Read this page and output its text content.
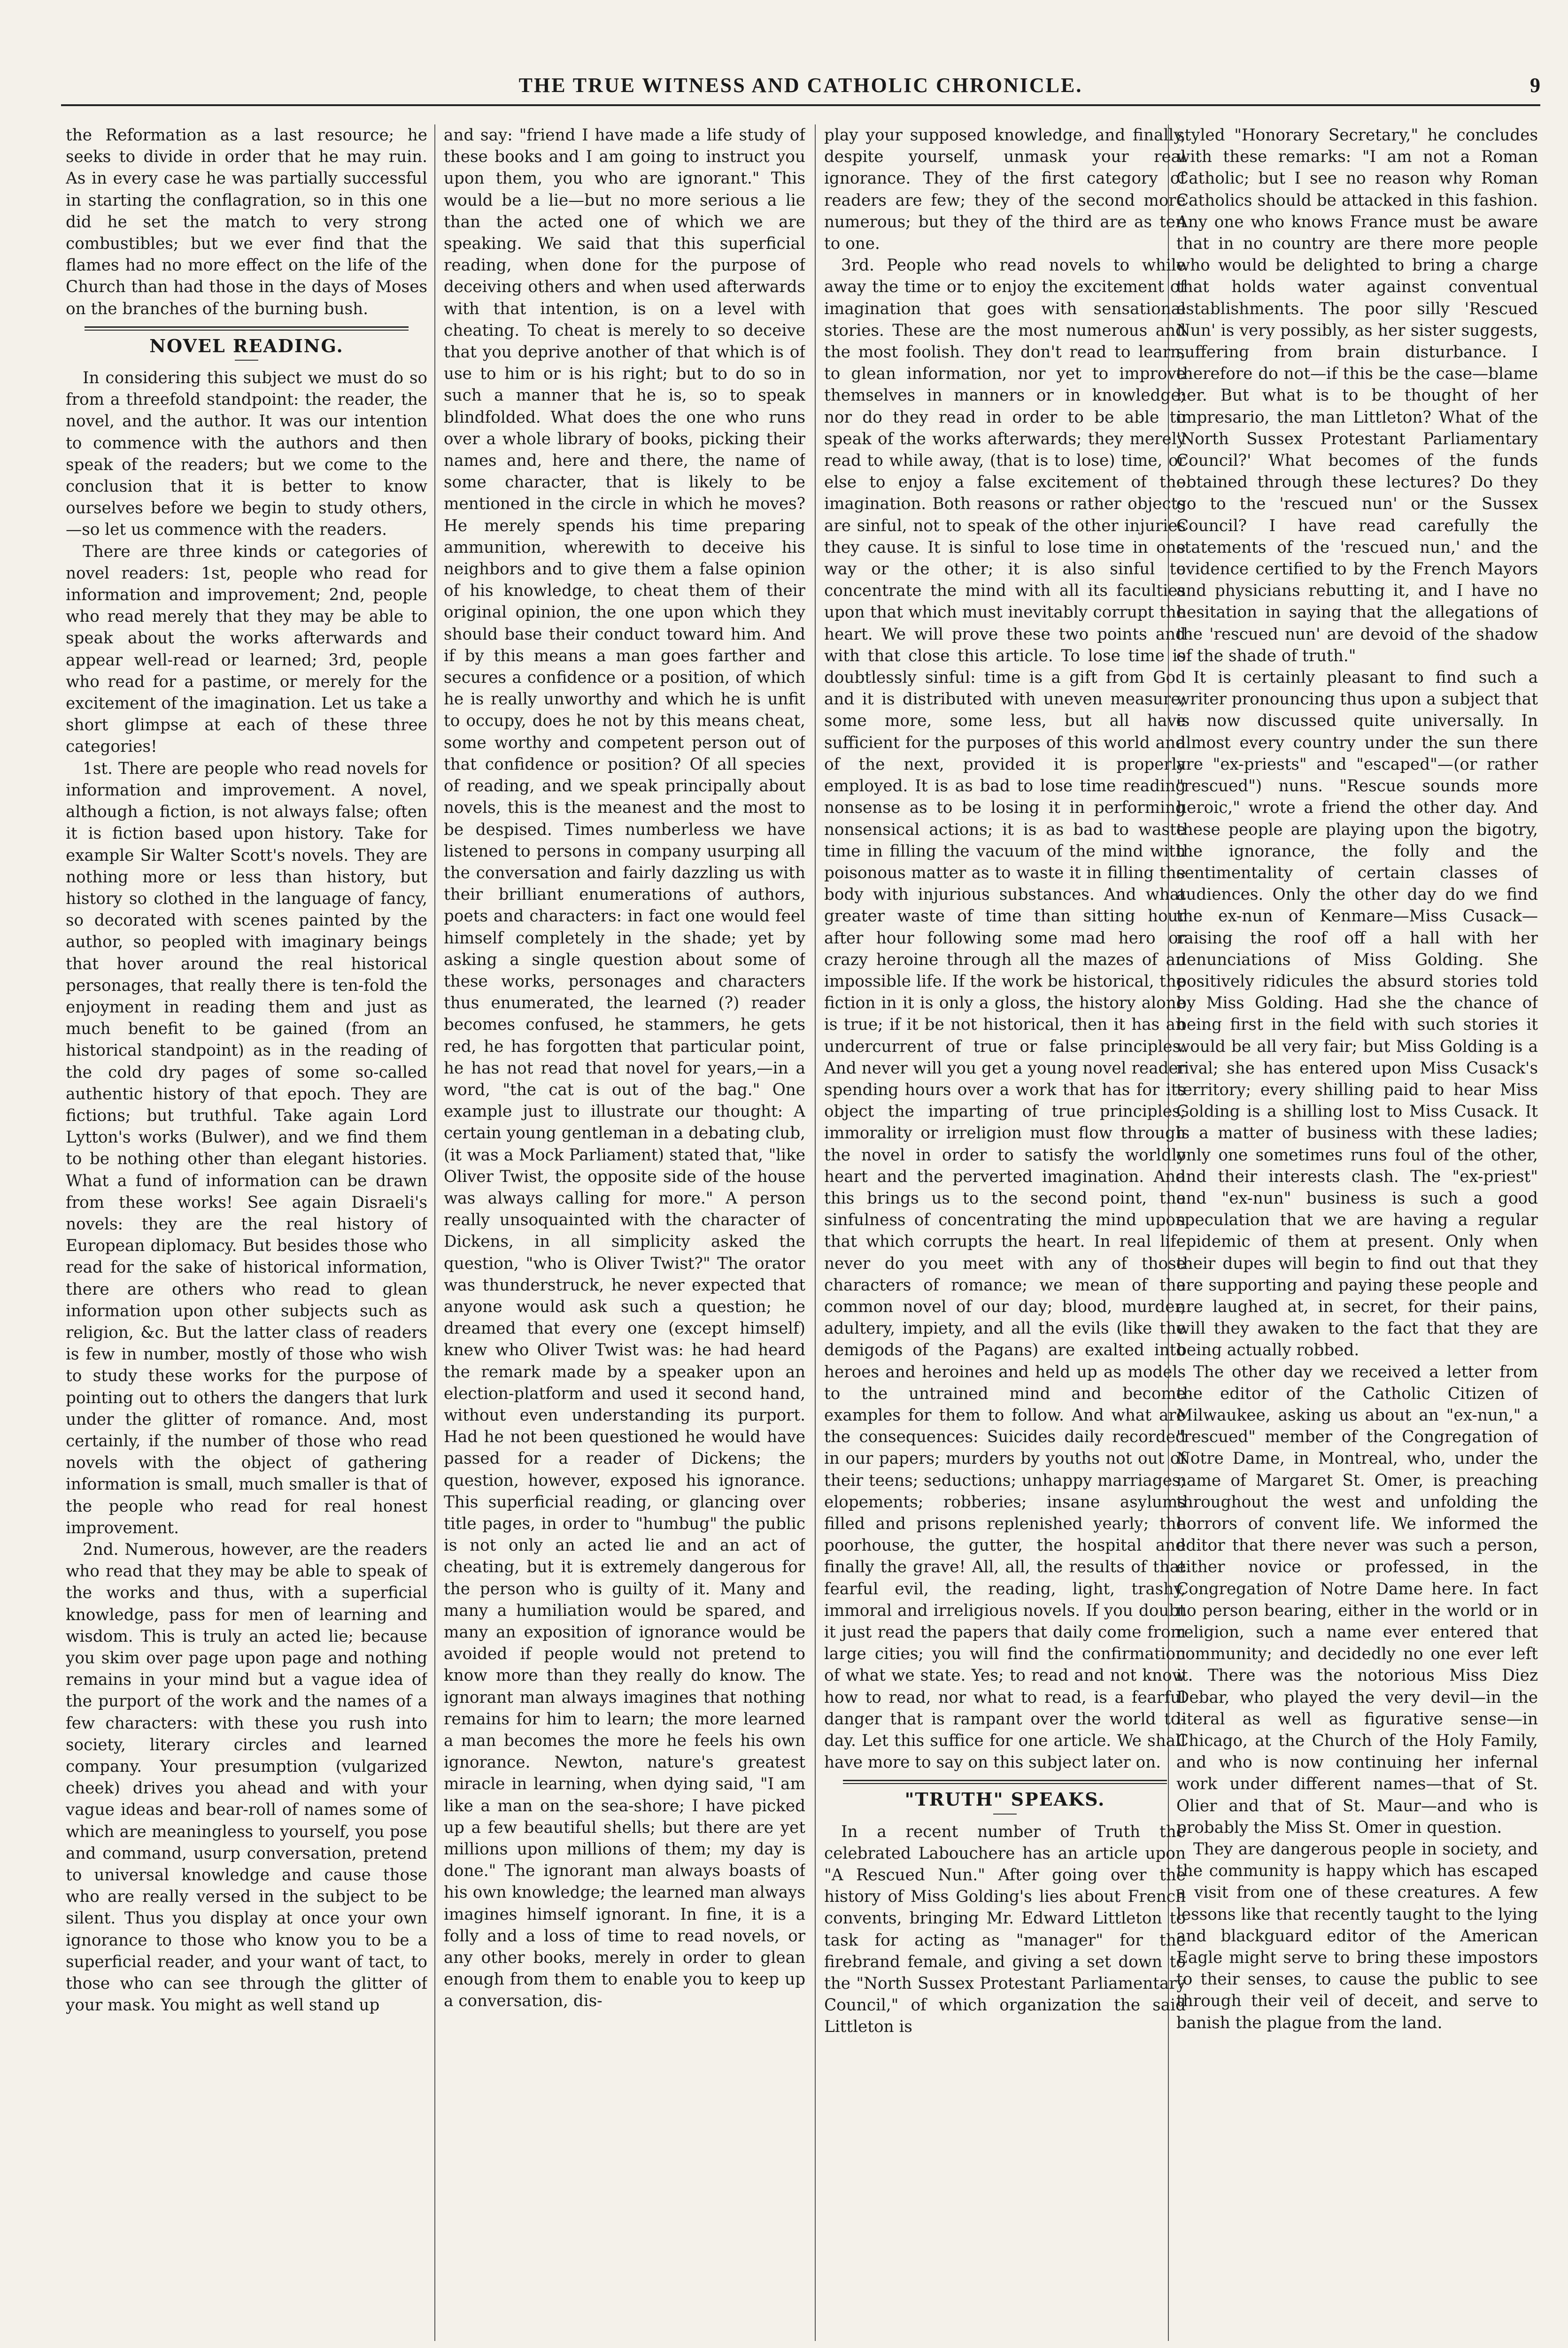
THE TRUE WITNESS AND CATHOLIC CHRONICLE.	9

the Reformation as a last resource; he seeks to divide in order that he may ruin. As in every case he was partially successful in starting the conflagration, so in this one did he set the match to very strong combustibles; but we ever find that the flames had no more effect on the life of the Church than had those in the days of Moses on the branches of the burning bush.

NOVEL READING.

In considering this subject we must do so from a threefold standpoint: the reader, the novel, and the author. It was our intention to commence with the authors and then speak of the readers; but we come to the conclusion that it is better to know ourselves before we begin to study others,—so let us commence with the readers.

There are three kinds or categories of novel readers: 1st, people who read for information and improvement; 2nd, people who read merely that they may be able to speak about the works afterwards and appear well-read or learned; 3rd, people who read for a pastime, or merely for the excitement of the imagination. Let us take a short glimpse at each of these three categories!

1st. There are people who read novels for information and improvement. A novel, although a fiction, is not always false; often it is fiction based upon history. Take for example Sir Walter Scott's novels. They are nothing more or less than history, but history so clothed in the language of fancy, so decorated with scenes painted by the author, so peopled with imaginary beings that hover around the real historical personages, that really there is ten-fold the enjoyment in reading them and just as much benefit to be gained (from an historical standpoint) as in the reading of the cold dry pages of some so-called authentic history of that epoch. They are fictions; but truthful. Take again Lord Lytton's works (Bulwer), and we find them to be nothing other than elegant histories. What a fund of information can be drawn from these works! See again Disraeli's novels: they are the real history of European diplomacy. But besides those who read for the sake of historical information, there are others who read to glean information upon other subjects such as religion, &c. But the latter class of readers is few in number, mostly of those who wish to study these works for the purpose of pointing out to others the dangers that lurk under the glitter of romance. And, most certainly, if the number of those who read novels with the object of gathering information is small, much smaller is that of the people who read for real honest improvement.

2nd. Numerous, however, are the readers who read that they may be able to speak of the works and thus, with a superficial knowledge, pass for men of learning and wisdom. This is truly an acted lie; because you skim over page upon page and nothing remains in your mind but a vague idea of the purport of the work and the names of a few characters: with these you rush into society, literary circles and learned company. Your presumption (vulgarized cheek) drives you ahead and with your vague ideas and bear-roll of names some of which are meaningless to yourself, you pose and command, usurp conversation, pretend to universal knowledge and cause those who are really versed in the subject to be silent. Thus you display at once your own ignorance to those who know you to be a superficial reader, and your want of tact, to those who can see through the glitter of your mask. You might as well stand up

and say: "friend I have made a life study of these books and I am going to instruct you upon them, you who are ignorant." This would be a lie—but no more serious a lie than the acted one of which we are speaking. We said that this superficial reading, when done for the purpose of deceiving others and when used afterwards with that intention, is on a level with cheating. To cheat is merely to so deceive that you deprive another of that which is of use to him or is his right; but to do so in such a manner that he is, so to speak blindfolded. What does the one who runs over a whole library of books, picking their names and, here and there, the name of some character, that is likely to be mentioned in the circle in which he moves? He merely spends his time preparing ammunition, wherewith to deceive his neighbors and to give them a false opinion of his knowledge, to cheat them of their original opinion, the one upon which they should base their conduct toward him. And if by this means a man goes farther and secures a confidence or a position, of which he is really unworthy and which he is unfit to occupy, does he not by this means cheat, some worthy and competent person out of that confidence or position? Of all species of reading, and we speak principally about novels, this is the meanest and the most to be despised. Times numberless we have listened to persons in company usurping all the conversation and fairly dazzling us with their brilliant enumerations of authors, poets and characters: in fact one would feel himself completely in the shade; yet by asking a single question about some of these works, personages and characters thus enumerated, the learned (?) reader becomes confused, he stammers, he gets red, he has forgotten that particular point, he has not read that novel for years,—in a word, "the cat is out of the bag." One example just to illustrate our thought: A certain young gentleman in a debating club, (it was a Mock Parliament) stated that, "like Oliver Twist, the opposite side of the house was always calling for more." A person really unsoquainted with the character of Dickens, in all simplicity asked the question, "who is Oliver Twist?" The orator was thunderstruck, he never expected that anyone would ask such a question; he dreamed that every one (except himself) knew who Oliver Twist was: he had heard the remark made by a speaker upon an election-platform and used it second hand, without even understanding its purport. Had he not been questioned he would have passed for a reader of Dickens; the question, however, exposed his ignorance. This superficial reading, or glancing over title pages, in order to "humbug" the public is not only an acted lie and an act of cheating, but it is extremely dangerous for the person who is guilty of it. Many and many a humiliation would be spared, and many an exposition of ignorance would be avoided if people would not pretend to know more than they really do know. The ignorant man always imagines that nothing remains for him to learn; the more learned a man becomes the more he feels his own ignorance. Newton, nature's greatest miracle in learning, when dying said, "I am like a man on the sea-shore; I have picked up a few beautiful shells; but there are yet millions upon millions of them; my day is done." The ignorant man always boasts of his own knowledge; the learned man always imagines himself ignorant. In fine, it is a folly and a loss of time to read novels, or any other books, merely in order to glean enough from them to enable you to keep up a conversation, dis-

play your supposed knowledge, and finally, despite yourself, unmask your real ignorance. They of the first category of readers are few; they of the second more numerous; but they of the third are as ten to one.

3rd. People who read novels to while away the time or to enjoy the excitement of imagination that goes with sensational stories. These are the most numerous and the most foolish. They don't read to learn, to glean information, nor yet to improve themselves in manners or in knowledge; nor do they read in order to be able to speak of the works afterwards; they merely read to while away, (that is to lose) time, or else to enjoy a false excitement of the imagination. Both reasons or rather objects are sinful, not to speak of the other injuries they cause. It is sinful to lose time in one way or the other; it is also sinful to concentrate the mind with all its faculties upon that which must inevitably corrupt the heart. We will prove these two points and with that close this article. To lose time is doubtlessly sinful: time is a gift from God and it is distributed with uneven measure; some more, some less, but all have sufficient for the purposes of this world and of the next, provided it is properly employed. It is as bad to lose time reading nonsense as to be losing it in performing nonsensical actions; it is as bad to waste time in filling the vacuum of the mind with poisonous matter as to waste it in filling the body with injurious substances. And what greater waste of time than sitting hour after hour following some mad hero or crazy heroine through all the mazes of an impossible life. If the work be historical, the fiction in it is only a gloss, the history alone is true; if it be not historical, then it has an undercurrent of true or false principles. And never will you get a young novel reader spending hours over a work that has for its object the imparting of true principles; immorality or irreligion must flow through the novel in order to satisfy the worldly heart and the perverted imagination. And this brings us to the second point, the sinfulness of concentrating the mind upon that which corrupts the heart. In real life never do you meet with any of those characters of romance; we mean of the common novel of our day; blood, murder, adultery, impiety, and all the evils (like the demigods of the Pagans) are exalted into heroes and heroines and held up as models to the untrained mind and become examples for them to follow. And what are the consequences: Suicides daily recorded in our papers; murders by youths not out of their teens; seductions; unhappy marriages; elopements; robberies; insane asylums filled and prisons replenished yearly; the poorhouse, the gutter, the hospital and finally the grave! All, all, the results of that fearful evil, the reading, light, trashy, immoral and irreligious novels. If you doubt it just read the papers that daily come from large cities; you will find the confirmation of what we state. Yes; to read and not know how to read, nor what to read, is a fearful danger that is rampant over the world to-day. Let this suffice for one article. We shall have more to say on this subject later on.

"TRUTH" SPEAKS.

In a recent number of Truth the celebrated Labouchere has an article upon "A Rescued Nun." After going over the history of Miss Golding's lies about French convents, bringing Mr. Edward Littleton to task for acting as "manager" for the firebrand female, and giving a set down to the "North Sussex Protestant Parliamentary Council," of which organization the said Littleton is

styled "Honorary Secretary," he concludes with these remarks: "I am not a Roman Catholic; but I see no reason why Roman Catholics should be attacked in this fashion. Any one who knows France must be aware that in no country are there more people who would be delighted to bring a charge that holds water against conventual establishments. The poor silly 'Rescued Nun' is very possibly, as her sister suggests, suffering from brain disturbance. I therefore do not—if this be the case—blame her. But what is to be thought of her impresario, the man Littleton? What of the 'North Sussex Protestant Parliamentary Council?' What becomes of the funds obtained through these lectures? Do they go to the 'rescued nun' or the Sussex Council? I have read carefully the statements of the 'rescued nun,' and the evidence certified to by the French Mayors and physicians rebutting it, and I have no hesitation in saying that the allegations of the 'rescued nun' are devoid of the shadow of the shade of truth."

It is certainly pleasant to find such a writer pronouncing thus upon a subject that is now discussed quite universally. In almost every country under the sun there are "ex-priests" and "escaped"—(or rather "rescued") nuns. "Rescue sounds more heroic," wrote a friend the other day. And these people are playing upon the bigotry, the ignorance, the folly and the sentimentality of certain classes of audiences. Only the other day do we find the ex-nun of Kenmare—Miss Cusack—raising the roof off a hall with her denunciations of Miss Golding. She positively ridicules the absurd stories told by Miss Golding. Had she the chance of being first in the field with such stories it would be all very fair; but Miss Golding is a rival; she has entered upon Miss Cusack's territory; every shilling paid to hear Miss Golding is a shilling lost to Miss Cusack. It is a matter of business with these ladies; only one sometimes runs foul of the other, and their interests clash. The "ex-priest" and "ex-nun" business is such a good speculation that we are having a regular epidemic of them at present. Only when their dupes will begin to find out that they are supporting and paying these people and are laughed at, in secret, for their pains, will they awaken to the fact that they are being actually robbed.

The other day we received a letter from the editor of the Catholic Citizen of Milwaukee, asking us about an "ex-nun," a "rescued" member of the Congregation of Notre Dame, in Montreal, who, under the name of Margaret St. Omer, is preaching throughout the west and unfolding the horrors of convent life. We informed the editor that there never was such a person, either novice or professed, in the Congregation of Notre Dame here. In fact no person bearing, either in the world or in religion, such a name ever entered that community; and decidedly no one ever left it. There was the notorious Miss Diez Debar, who played the very devil—in the literal as well as figurative sense—in Chicago, at the Church of the Holy Family, and who is now continuing her infernal work under different names—that of St. Olier and that of St. Maur—and who is probably the Miss St. Omer in question.

They are dangerous people in society, and the community is happy which has escaped a visit from one of these creatures. A few lessons like that recently taught to the lying and blackguard editor of the American Eagle might serve to bring these impostors to their senses, to cause the public to see through their veil of deceit, and serve to banish the plague from the land.
